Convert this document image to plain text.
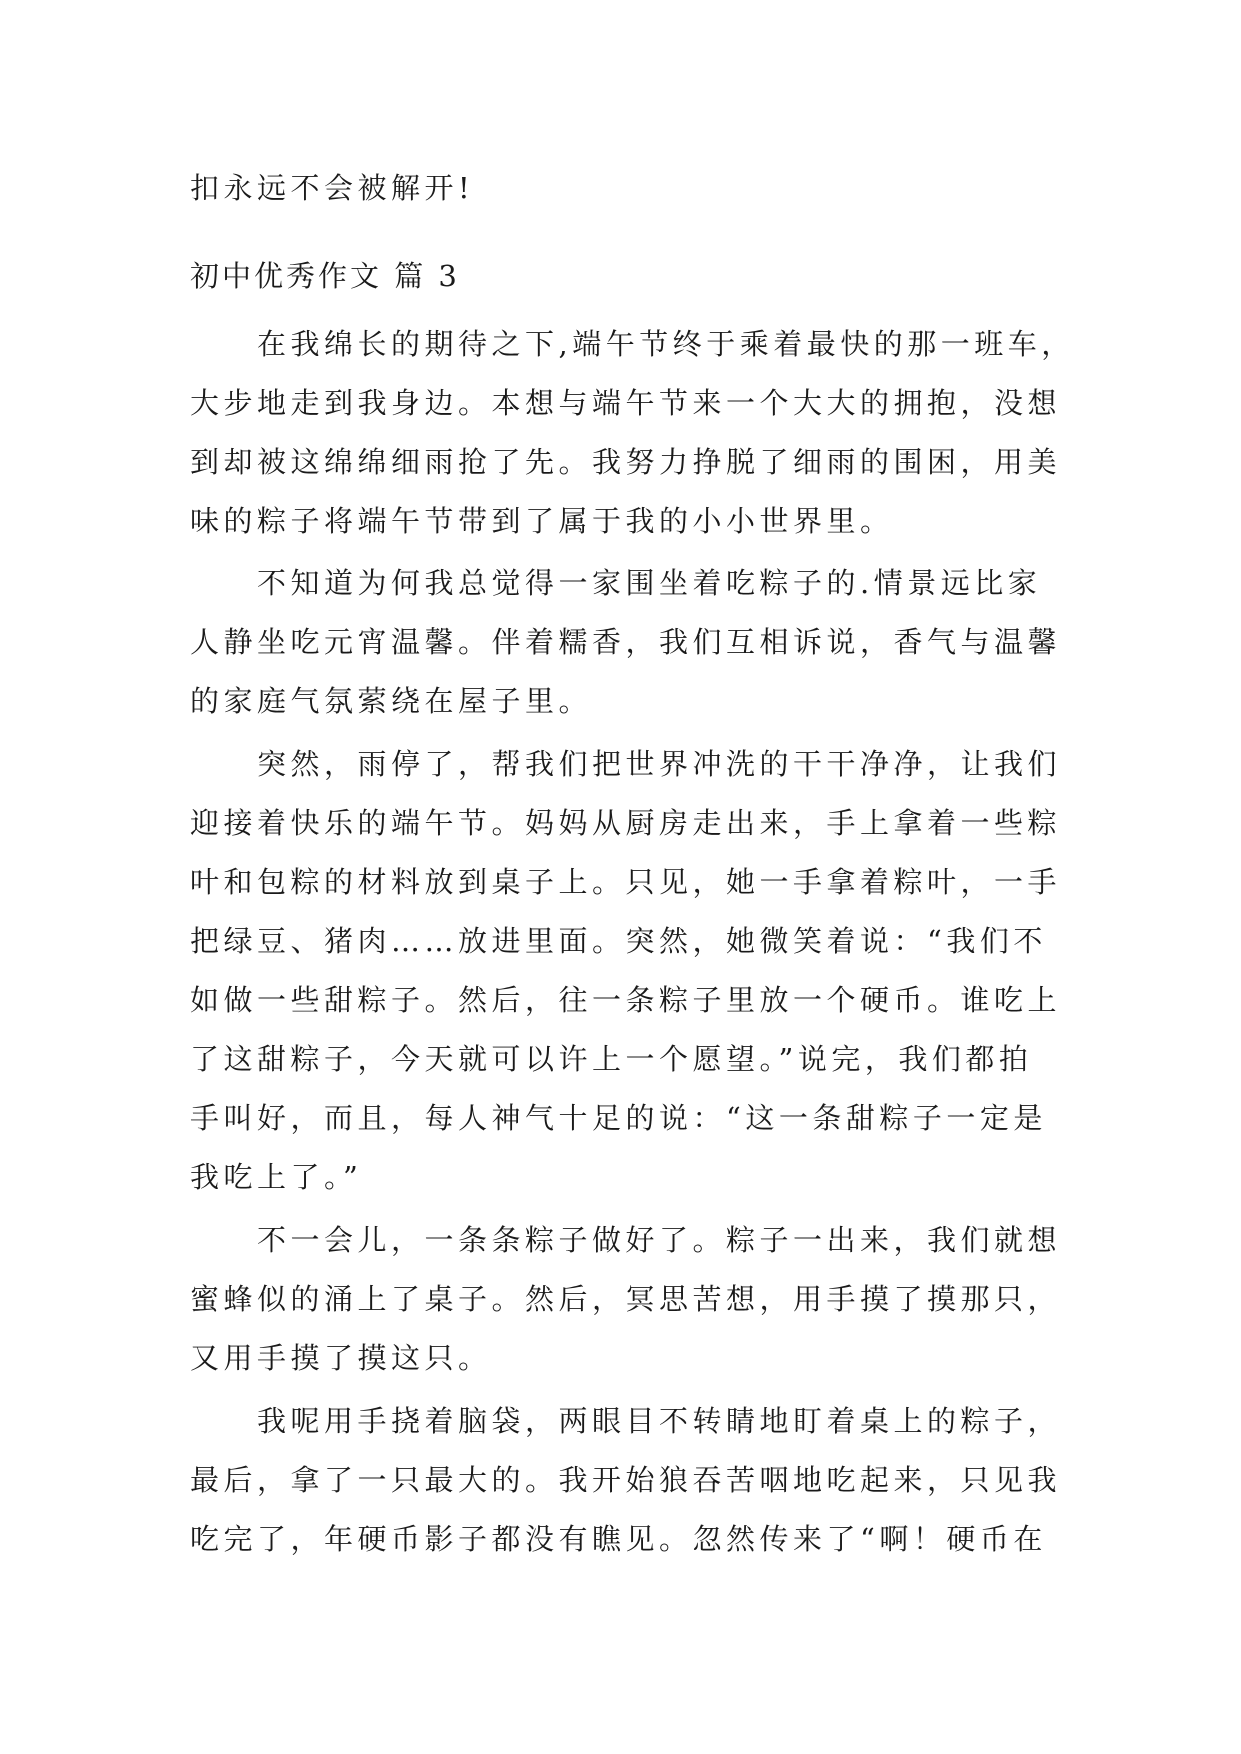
扣永远不会被解开!
初中优秀作文 篇 3
在我绵长的期待之下,端午节终于乘着最快的那一班车，
大步地走到我身边。本想与端午节来一个大大的拥抱，没想
到却被这绵绵细雨抢了先。我努力挣脱了细雨的围困，用美
味的粽子将端午节带到了属于我的小小世界里。
不知道为何我总觉得一家围坐着吃粽子的.情景远比家
人静坐吃元宵温馨。伴着糯香，我们互相诉说，香气与温馨
的家庭气氛萦绕在屋子里。
突然，雨停了，帮我们把世界冲洗的干干净净，让我们
迎接着快乐的端午节。妈妈从厨房走出来，手上拿着一些粽
叶和包粽的材料放到桌子上。只见，她一手拿着粽叶，一手
把绿豆、猪肉……放进里面。突然，她微笑着说：“我们不
如做一些甜粽子。然后，往一条粽子里放一个硬币。谁吃上
了这甜粽子，今天就可以许上一个愿望。”说完，我们都拍
手叫好，而且，每人神气十足的说：“这一条甜粽子一定是
我吃上了。”
不一会儿，一条条粽子做好了。粽子一出来，我们就想
蜜蜂似的涌上了桌子。然后，冥思苦想，用手摸了摸那只，
又用手摸了摸这只。
我呢用手挠着脑袋，两眼目不转睛地盯着桌上的粽子，
最后，拿了一只最大的。我开始狼吞苦咽地吃起来，只见我
吃完了，年硬币影子都没有瞧见。忽然传来了“啊！硬币在
